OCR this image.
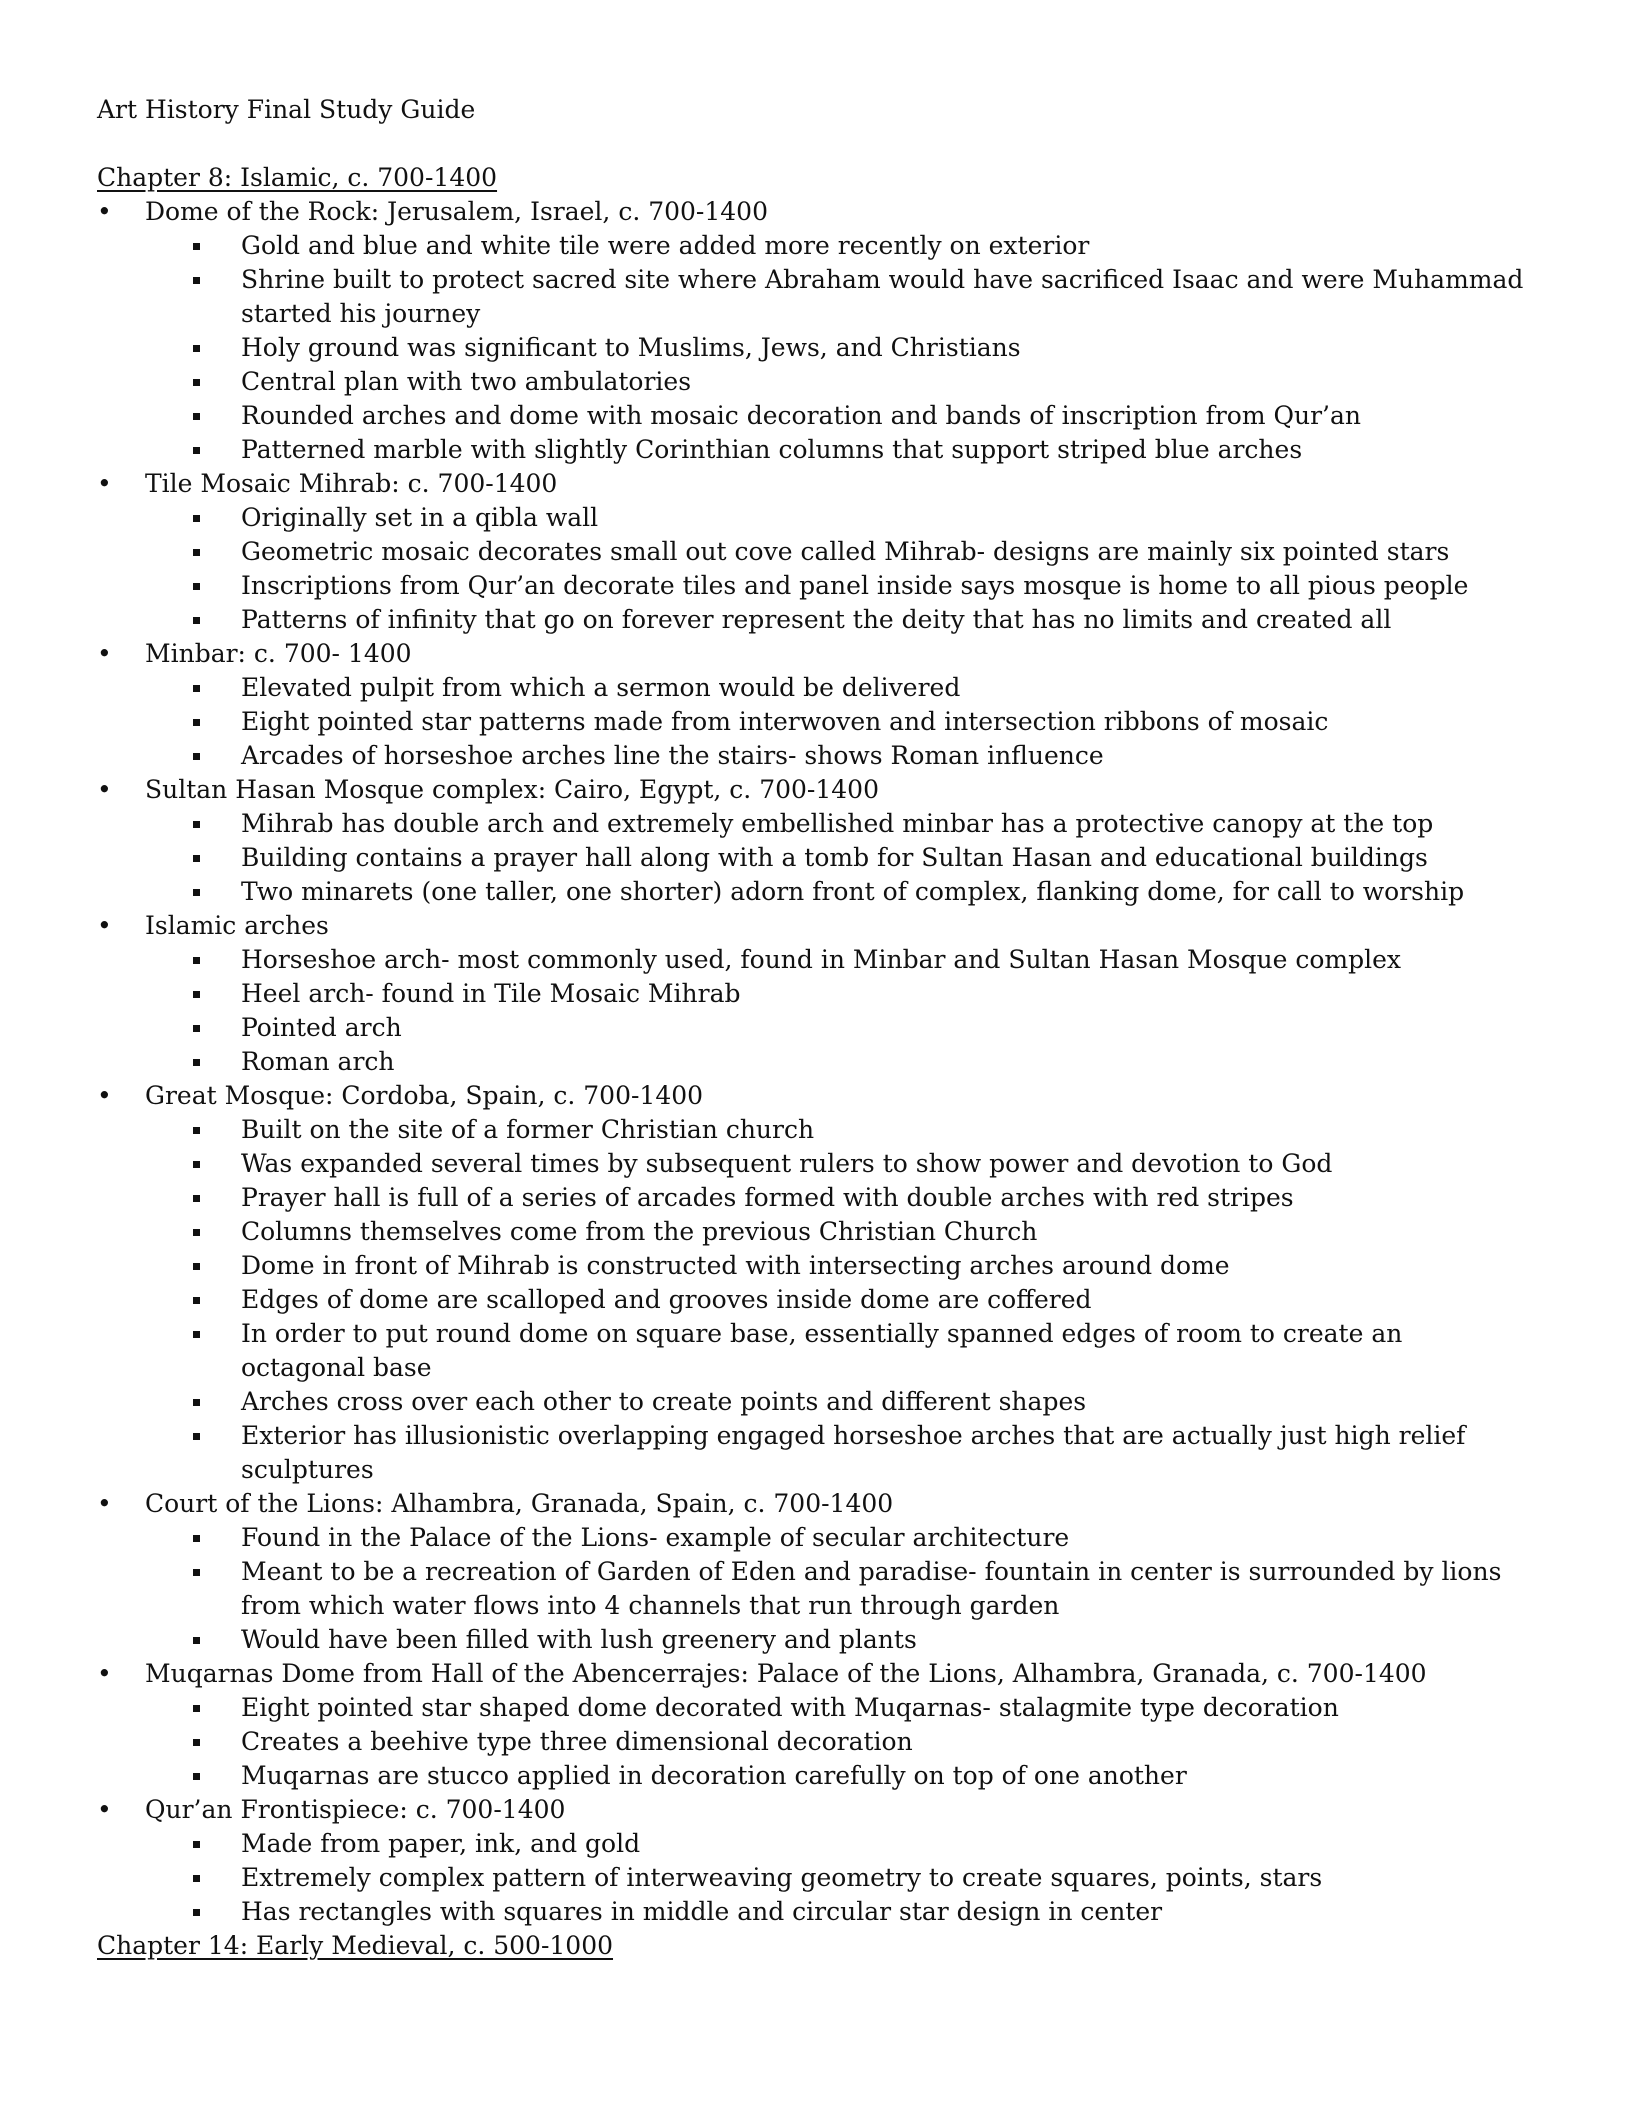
Art History Final Study Guide
Chapter 8: Islamic, c. 700-1400
• Dome of the Rock: Jerusalem, Israel, c. 700-1400
Gold and blue and white tile were added more recently on exterior
Shrine built to protect sacred site where Abraham would have sacrificed Isaac and were Muhammad started his journey
Holy ground was significant to Muslims, Jews, and Christians
Central plan with two ambulatories
Rounded arches and dome with mosaic decoration and bands of inscription from Qur’an
Patterned marble with slightly Corinthian columns that support striped blue arches
• Tile Mosaic Mihrab: c. 700-1400
Originally set in a qibla wall
Geometric mosaic decorates small out cove called Mihrab- designs are mainly six pointed stars
Inscriptions from Qur’an decorate tiles and panel inside says mosque is home to all pious people
Patterns of infinity that go on forever represent the deity that has no limits and created all
• Minbar: c. 700- 1400
Elevated pulpit from which a sermon would be delivered
Eight pointed star patterns made from interwoven and intersection ribbons of mosaic
Arcades of horseshoe arches line the stairs- shows Roman influence
• Sultan Hasan Mosque complex: Cairo, Egypt, c. 700-1400
Mihrab has double arch and extremely embellished minbar has a protective canopy at the top
Building contains a prayer hall along with a tomb for Sultan Hasan and educational buildings
Two minarets (one taller, one shorter) adorn front of complex, flanking dome, for call to worship
• Islamic arches
Horseshoe arch- most commonly used, found in Minbar and Sultan Hasan Mosque complex
Heel arch- found in Tile Mosaic Mihrab
Pointed arch
Roman arch
• Great Mosque: Cordoba, Spain, c. 700-1400
Built on the site of a former Christian church
Was expanded several times by subsequent rulers to show power and devotion to God
Prayer hall is full of a series of arcades formed with double arches with red stripes
Columns themselves come from the previous Christian Church
Dome in front of Mihrab is constructed with intersecting arches around dome
Edges of dome are scalloped and grooves inside dome are coffered
In order to put round dome on square base, essentially spanned edges of room to create an octagonal base
Arches cross over each other to create points and different shapes
Exterior has illusionistic overlapping engaged horseshoe arches that are actually just high relief sculptures
• Court of the Lions: Alhambra, Granada, Spain, c. 700-1400
Found in the Palace of the Lions- example of secular architecture
Meant to be a recreation of Garden of Eden and paradise- fountain in center is surrounded by lions from which water flows into 4 channels that run through garden
Would have been filled with lush greenery and plants
• Muqarnas Dome from Hall of the Abencerrajes: Palace of the Lions, Alhambra, Granada, c. 700-1400
Eight pointed star shaped dome decorated with Muqarnas- stalagmite type decoration
Creates a beehive type three dimensional decoration
Muqarnas are stucco applied in decoration carefully on top of one another
• Qur’an Frontispiece: c. 700-1400
Made from paper, ink, and gold
Extremely complex pattern of interweaving geometry to create squares, points, stars
Has rectangles with squares in middle and circular star design in center
Chapter 14: Early Medieval, c. 500-1000
